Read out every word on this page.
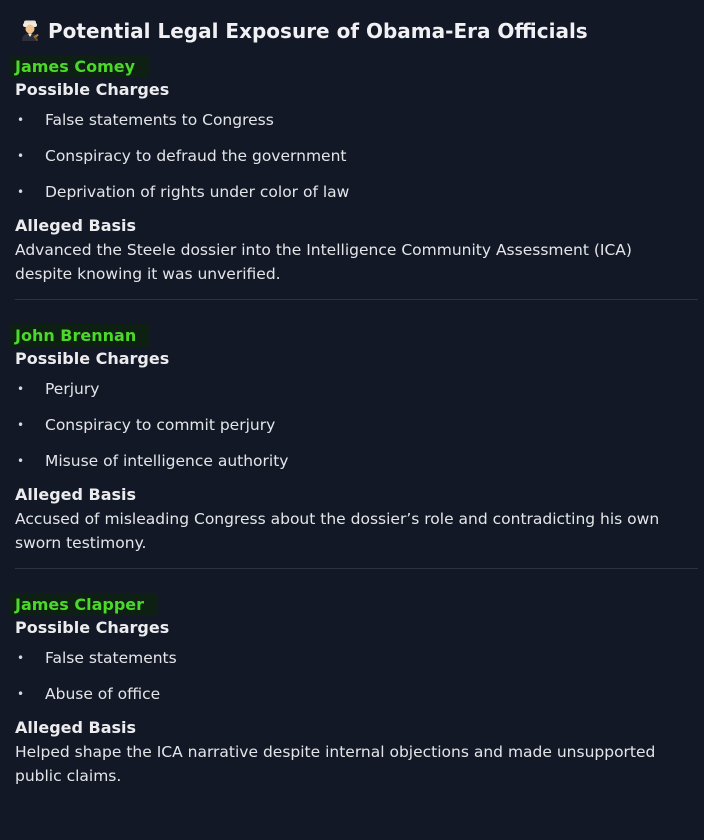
Potential Legal Exposure of Obama-Era Officials
James Comey
Possible Charges
• False statements to Congress
• Conspiracy to defraud the government
• Deprivation of rights under color of law
Alleged Basis
Advanced the Steele dossier into the Intelligence Community Assessment (ICA) despite knowing it was unverified.
John Brennan
Possible Charges
• Perjury
• Conspiracy to commit perjury
• Misuse of intelligence authority
Alleged Basis
Accused of misleading Congress about the dossier’s role and contradicting his own sworn testimony.
James Clapper
Possible Charges
• False statements
• Abuse of office
Alleged Basis
Helped shape the ICA narrative despite internal objections and made unsupported public claims.
